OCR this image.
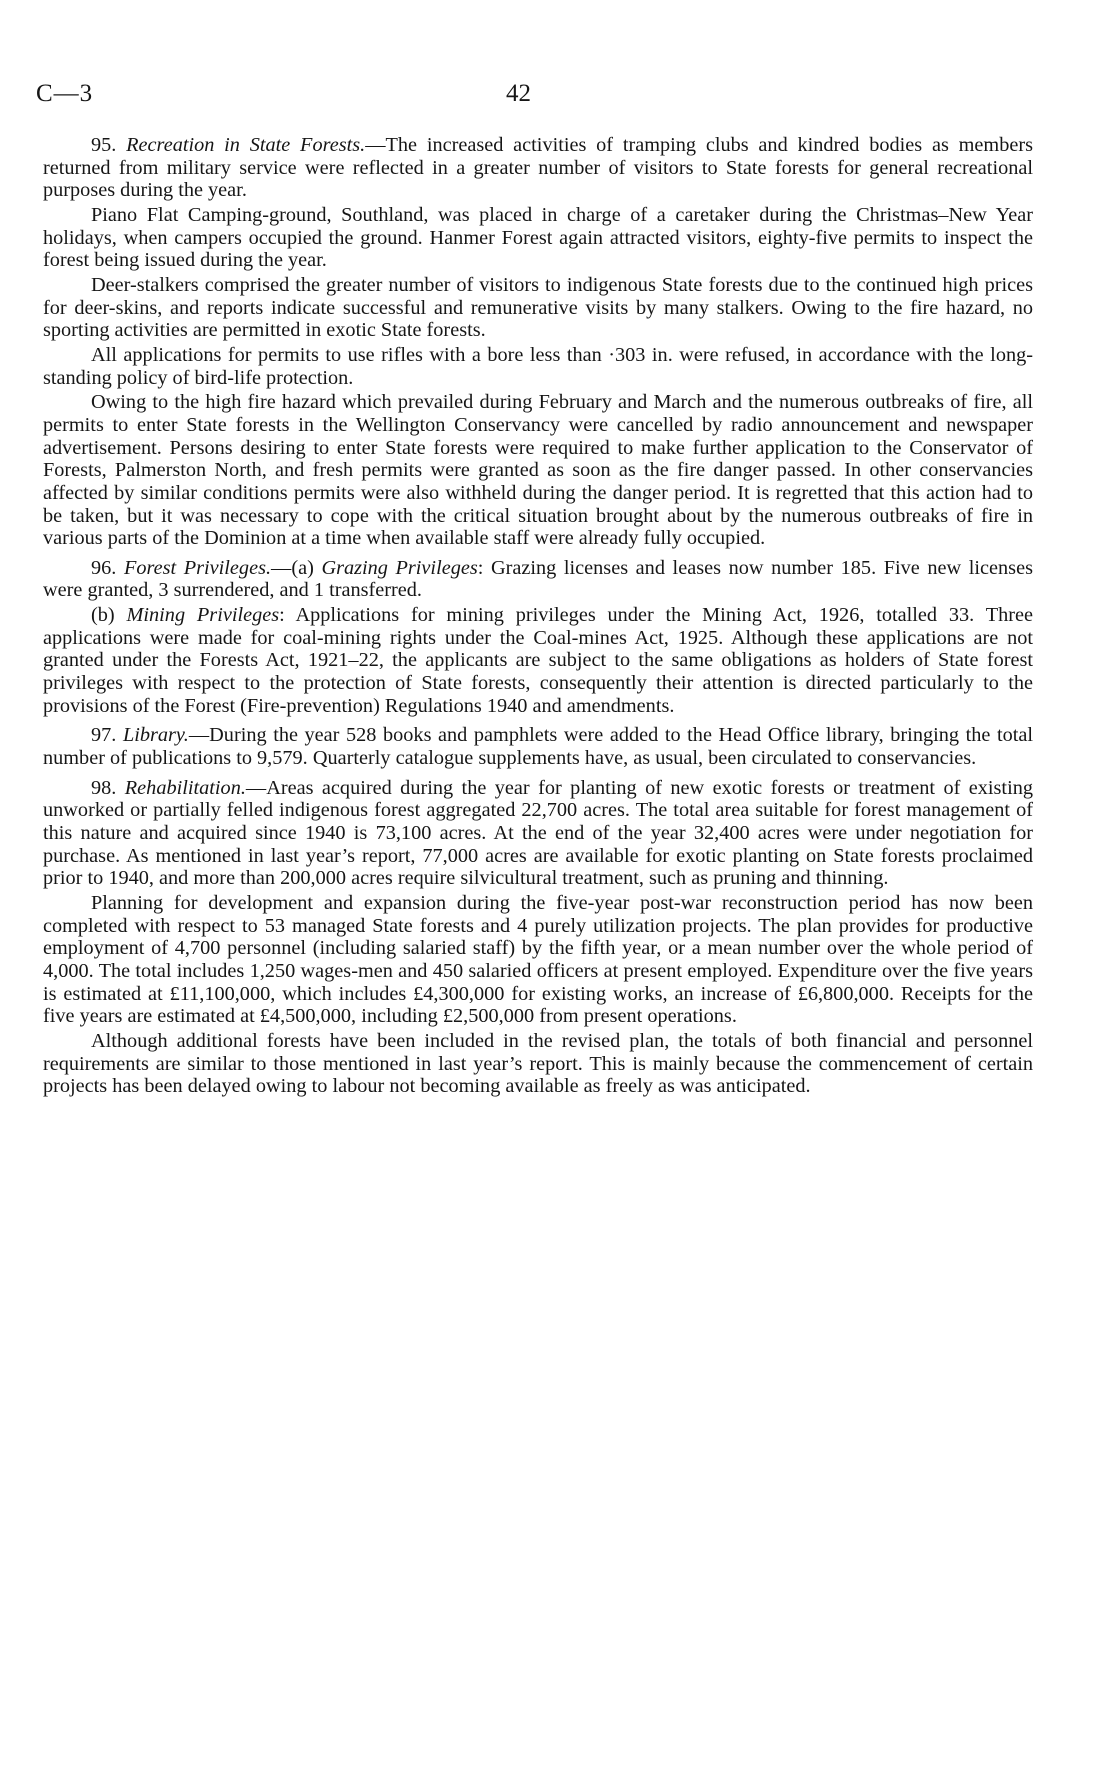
C—3	42

95. Recreation in State Forests.—The increased activities of tramping clubs and kindred bodies as members returned from military service were reflected in a greater number of visitors to State forests for general recreational purposes during the year.

Piano Flat Camping-ground, Southland, was placed in charge of a caretaker during the Christmas–New Year holidays, when campers occupied the ground. Hanmer Forest again attracted visitors, eighty-five permits to inspect the forest being issued during the year.

Deer-stalkers comprised the greater number of visitors to indigenous State forests due to the continued high prices for deer-skins, and reports indicate successful and remunerative visits by many stalkers. Owing to the fire hazard, no sporting activities are permitted in exotic State forests.

All applications for permits to use rifles with a bore less than ·303 in. were refused, in accordance with the long-standing policy of bird-life protection.

Owing to the high fire hazard which prevailed during February and March and the numerous outbreaks of fire, all permits to enter State forests in the Wellington Conservancy were cancelled by radio announcement and newspaper advertisement. Persons desiring to enter State forests were required to make further application to the Conservator of Forests, Palmerston North, and fresh permits were granted as soon as the fire danger passed. In other conservancies affected by similar conditions permits were also withheld during the danger period. It is regretted that this action had to be taken, but it was necessary to cope with the critical situation brought about by the numerous outbreaks of fire in various parts of the Dominion at a time when available staff were already fully occupied.

96. Forest Privileges.—(a) Grazing Privileges: Grazing licenses and leases now number 185. Five new licenses were granted, 3 surrendered, and 1 transferred.

(b) Mining Privileges: Applications for mining privileges under the Mining Act, 1926, totalled 33. Three applications were made for coal-mining rights under the Coal-mines Act, 1925. Although these applications are not granted under the Forests Act, 1921–22, the applicants are subject to the same obligations as holders of State forest privileges with respect to the protection of State forests, consequently their attention is directed particularly to the provisions of the Forest (Fire-prevention) Regulations 1940 and amendments.

97. Library.—During the year 528 books and pamphlets were added to the Head Office library, bringing the total number of publications to 9,579. Quarterly catalogue supplements have, as usual, been circulated to conservancies.

98. Rehabilitation.—Areas acquired during the year for planting of new exotic forests or treatment of existing unworked or partially felled indigenous forest aggregated 22,700 acres. The total area suitable for forest management of this nature and acquired since 1940 is 73,100 acres. At the end of the year 32,400 acres were under negotiation for purchase. As mentioned in last year’s report, 77,000 acres are available for exotic planting on State forests proclaimed prior to 1940, and more than 200,000 acres require silvicultural treatment, such as pruning and thinning.

Planning for development and expansion during the five-year post-war reconstruction period has now been completed with respect to 53 managed State forests and 4 purely utilization projects. The plan provides for productive employment of 4,700 personnel (including salaried staff) by the fifth year, or a mean number over the whole period of 4,000. The total includes 1,250 wages-men and 450 salaried officers at present employed. Expenditure over the five years is estimated at £11,100,000, which includes £4,300,000 for existing works, an increase of £6,800,000. Receipts for the five years are estimated at £4,500,000, including £2,500,000 from present operations.

Although additional forests have been included in the revised plan, the totals of both financial and personnel requirements are similar to those mentioned in last year’s report. This is mainly because the commencement of certain projects has been delayed owing to labour not becoming available as freely as was anticipated.
